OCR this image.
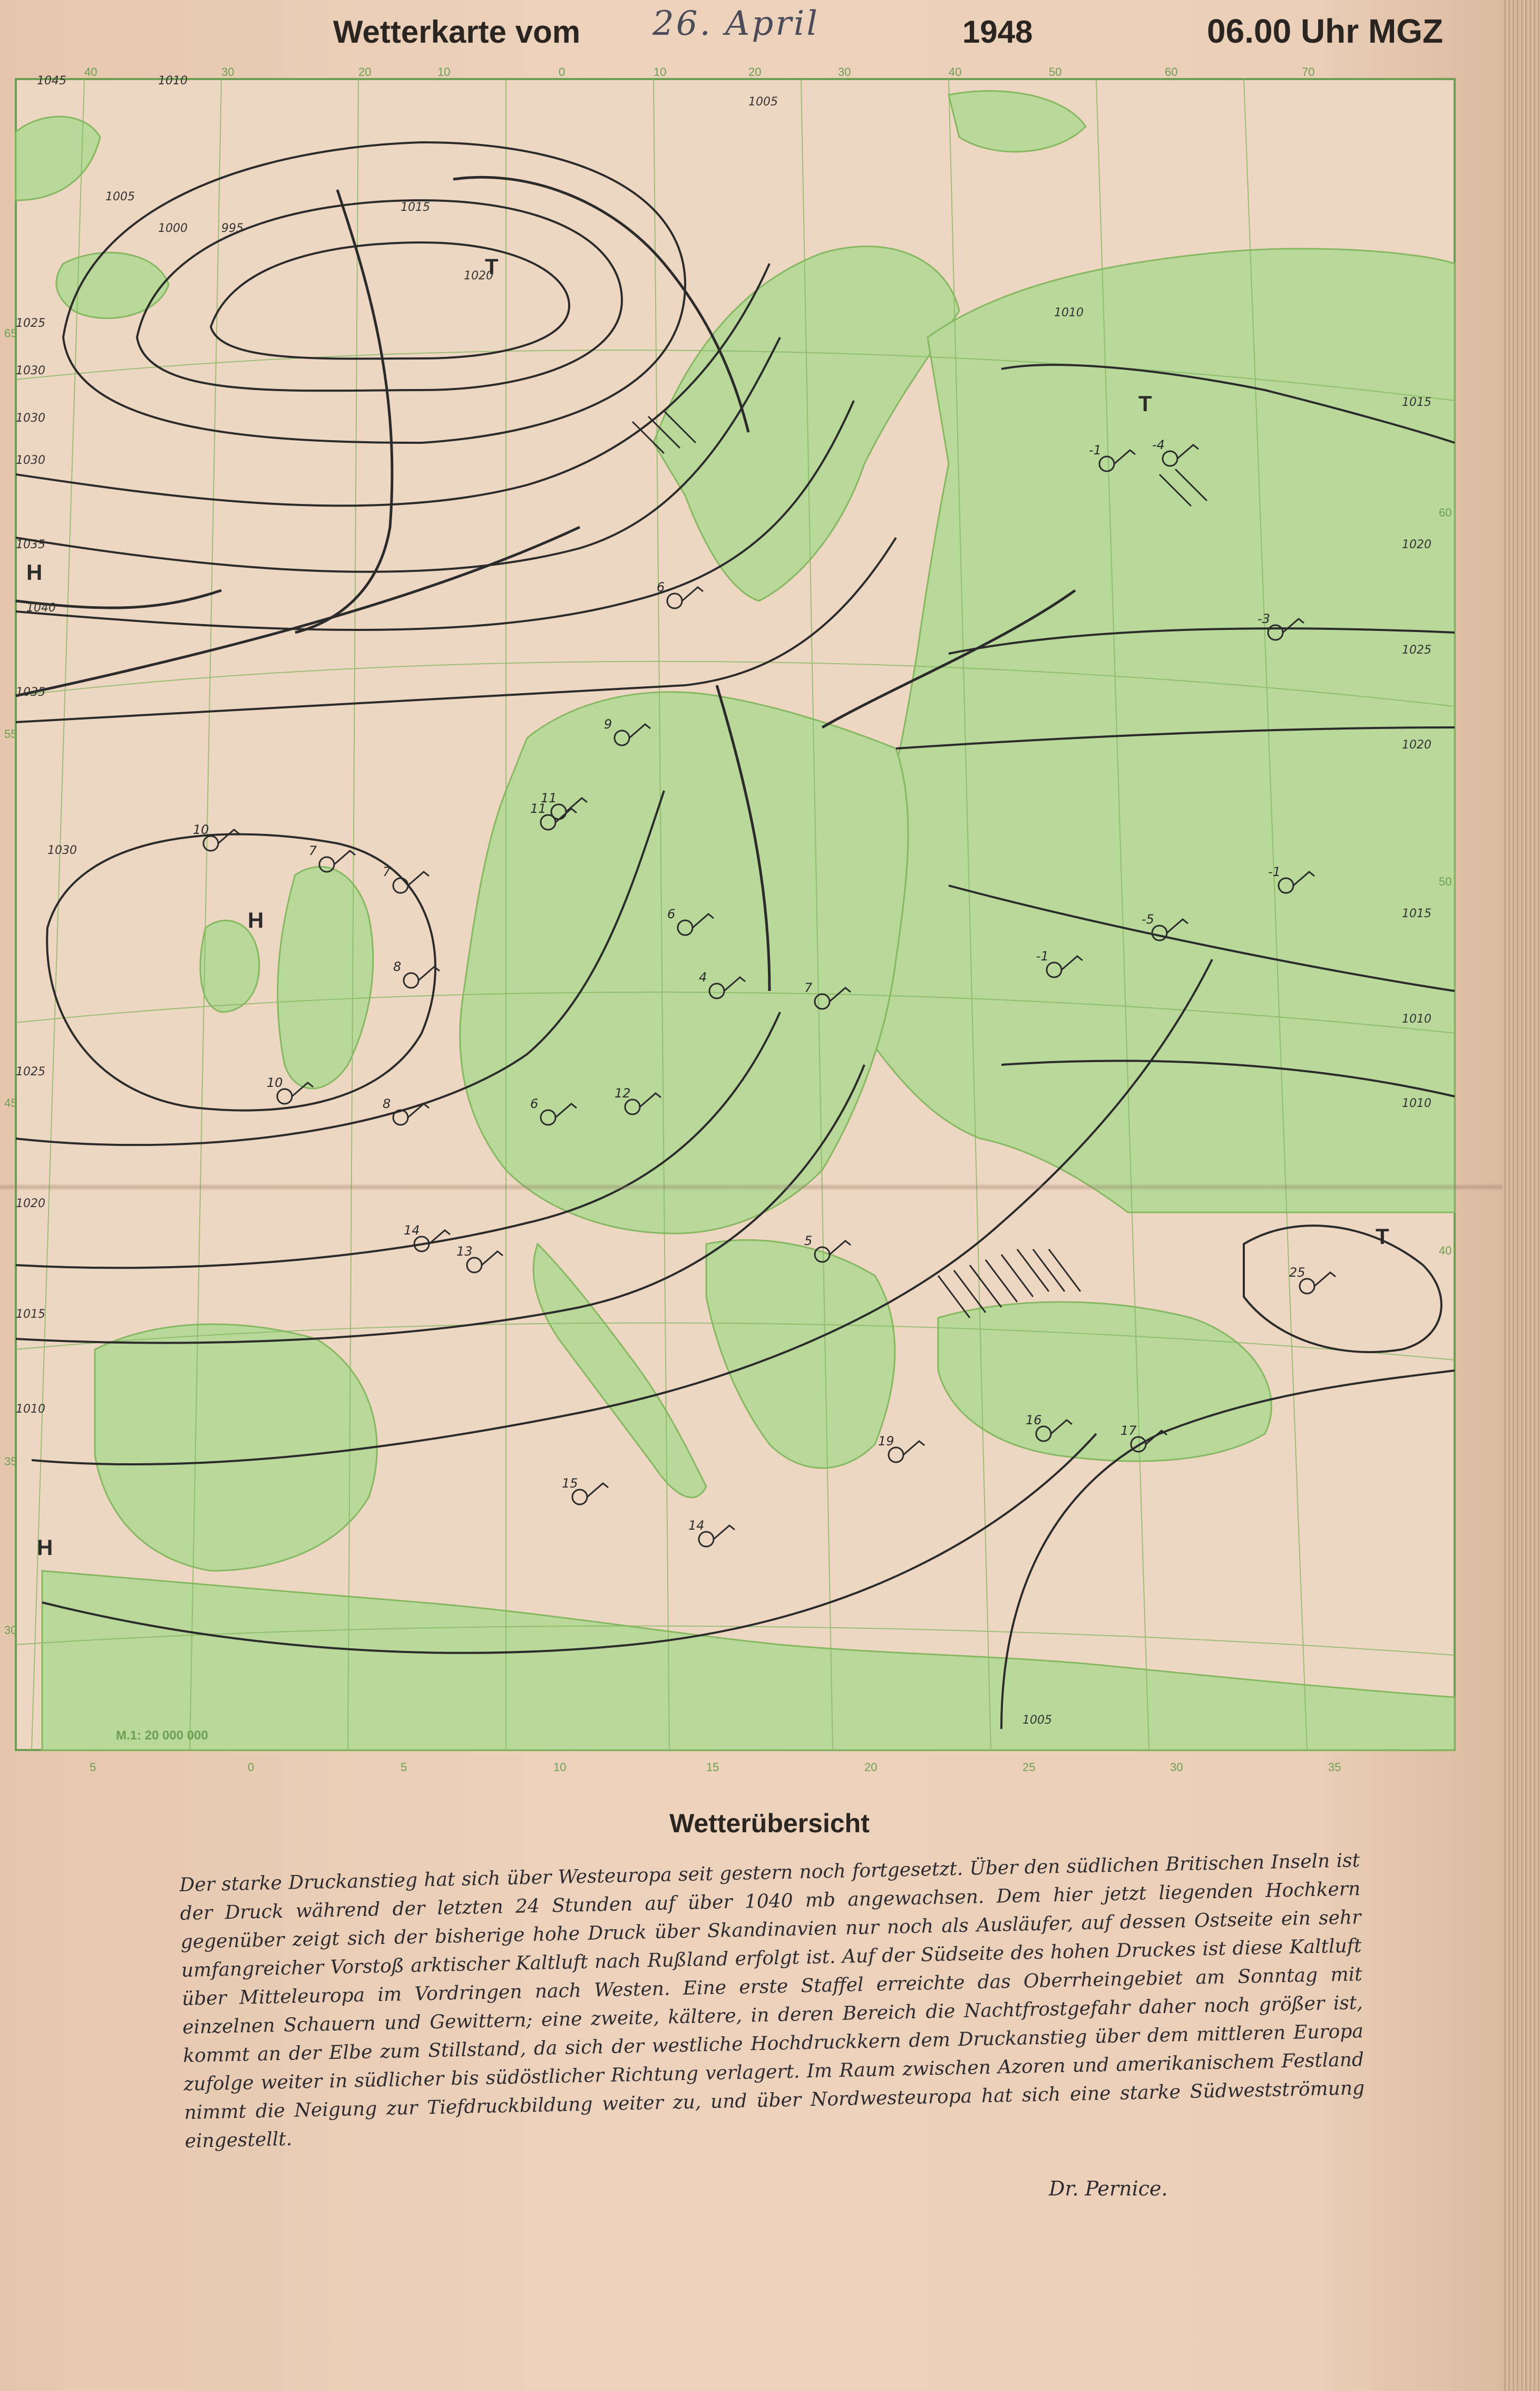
Wetterkarte vom 26. April	1948	06.00 Uhr MGZ
H
T
H
T
T
H
40	30	20	10	0	10	20	30	40	50	60	70
5	0	5	10	15	20	25	30	35
60
50
40
65
55
45
35
30
M.1: 20 000 000
1045	1010
1005
1000	995
1015
1020
1025
1030
1030
1030
1035
1040
1035
1030
1025
1020
1015
1010
1005
1005
1010
1015
1020
1025
1020
1015
1010
1010
10
7
7
8
10
8	6
14
13
11
12
5
4
7
6
6
11
9
-1
-5
-1
-1	-4
-3
16
17
25
19
15
14
Wetterübersicht
Der starke Druckanstieg hat sich über Westeuropa seit gestern noch fortgesetzt. Über den südlichen Britischen Inseln ist der Druck während der letzten 24 Stunden auf über 1040 mb angewachsen. Dem hier jetzt liegenden Hochkern gegenüber zeigt sich der bisherige hohe Druck über Skandinavien nur noch als Ausläufer, auf dessen Ostseite ein sehr umfangreicher Vorstoß arktischer Kaltluft nach Rußland erfolgt ist. Auf der Südseite des hohen Druckes ist diese Kaltluft über Mitteleuropa im Vordringen nach Westen. Eine erste Staffel erreichte das Oberrheingebiet am Sonntag mit einzelnen Schauern und Gewittern; eine zweite, kältere, in deren Bereich die Nachtfrostgefahr daher noch größer ist, kommt an der Elbe zum Stillstand, da sich der westliche Hochdruckkern dem Druckanstieg über dem mittleren Europa zufolge weiter in südlicher bis südöstlicher Richtung verlagert. Im Raum zwischen Azoren und amerikanischem Festland nimmt die Neigung zur Tiefdruckbildung weiter zu, und über Nordwesteuropa hat sich eine starke Südwestströmung eingestellt.
Dr. Pernice.
